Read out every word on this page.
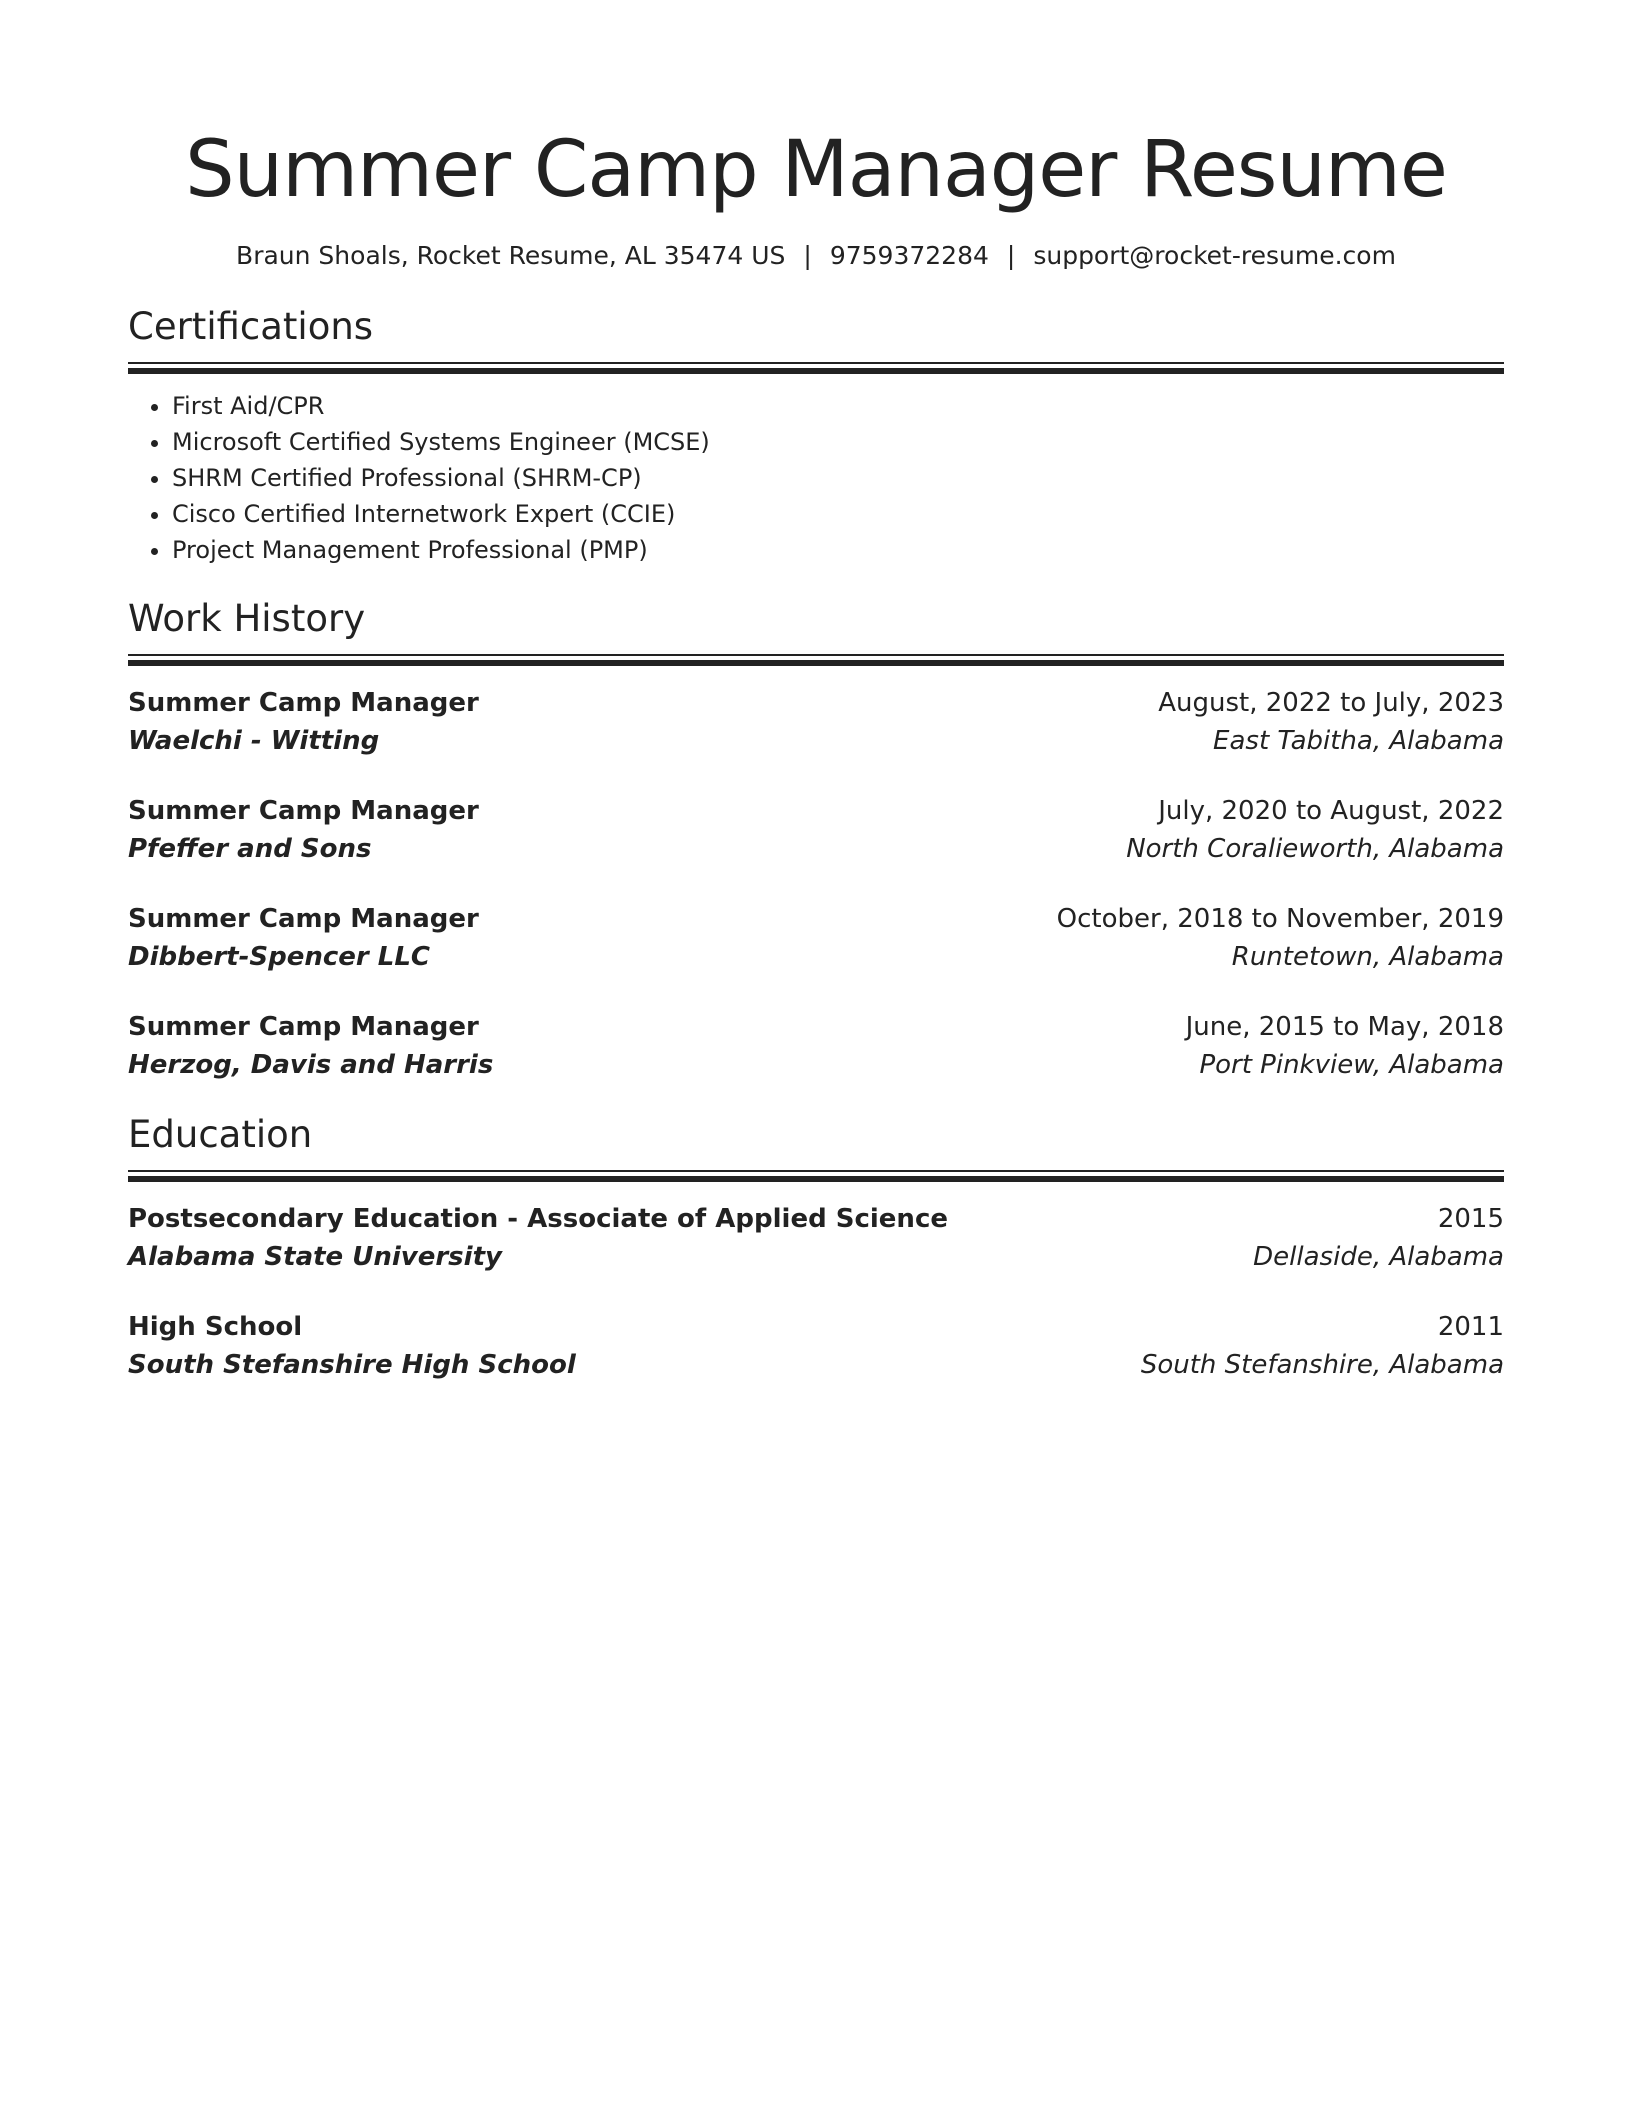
Summer Camp Manager Resume
Braun Shoals, Rocket Resume, AL 35474 US | 9759372284 | support@rocket-resume.com
Certifications
• First Aid/CPR
• Microsoft Certified Systems Engineer (MCSE)
• SHRM Certified Professional (SHRM-CP)
• Cisco Certified Internetwork Expert (CCIE)
• Project Management Professional (PMP)
Work History
Summer Camp Manager	August, 2022 to July, 2023
Waelchi - Witting	East Tabitha, Alabama
Summer Camp Manager	July, 2020 to August, 2022
Pfeffer and Sons	North Coralieworth, Alabama
Summer Camp Manager	October, 2018 to November, 2019
Dibbert-Spencer LLC	Runtetown, Alabama
Summer Camp Manager	June, 2015 to May, 2018
Herzog, Davis and Harris	Port Pinkview, Alabama
Education
Postsecondary Education - Associate of Applied Science	2015
Alabama State University	Dellaside, Alabama
High School	2011
South Stefanshire High School	South Stefanshire, Alabama
